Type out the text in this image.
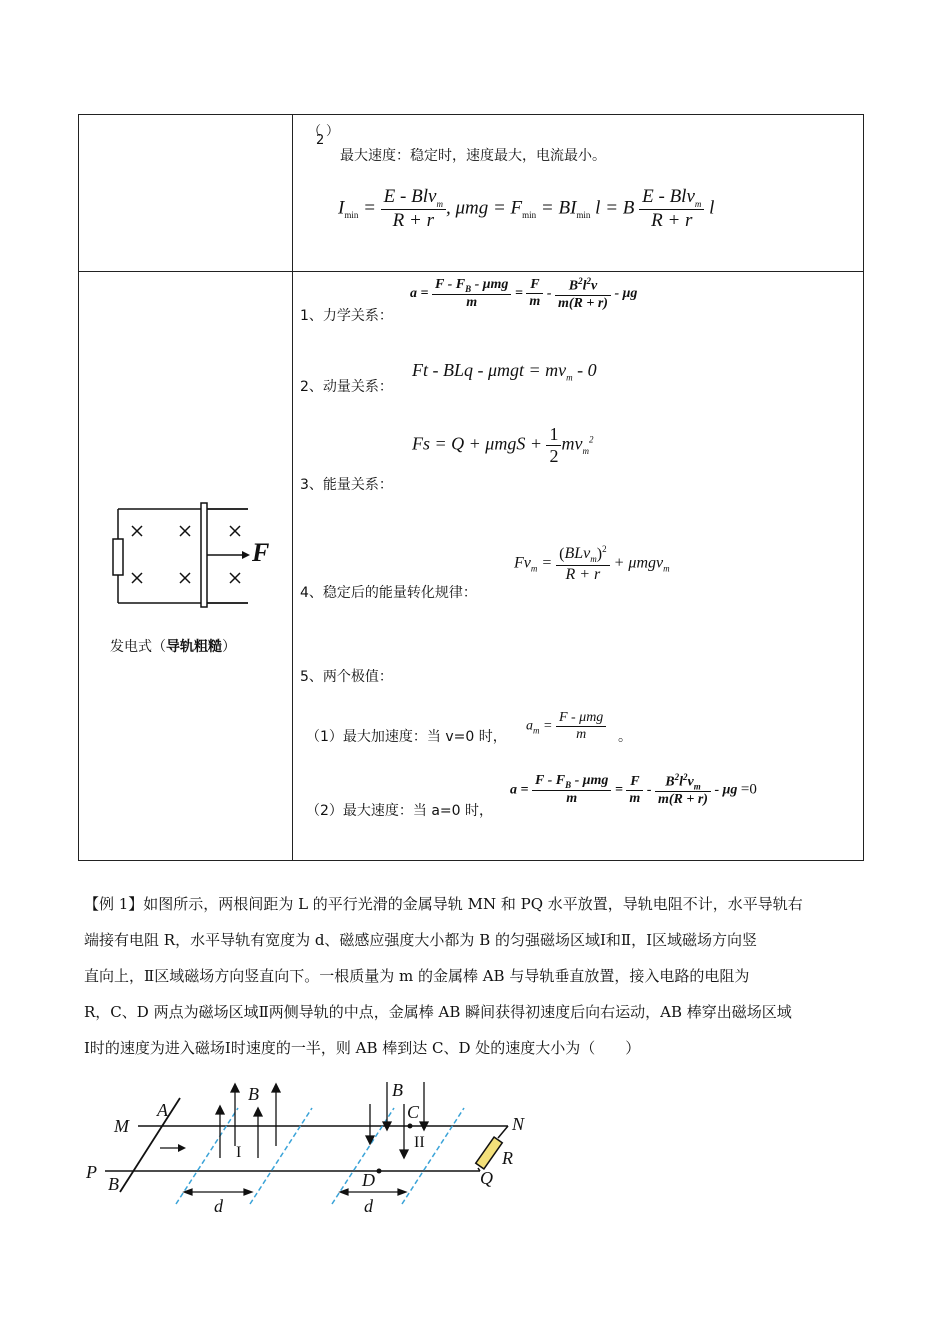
（
2
）
最大速度：稳定时，速度最大，电流最小。
$I_{min} = \frac{E - Blv_m}{R + r}$ , $\mu mg = F_{min} = BI_{min}$ l = B $\frac{E - Blv_m}{R + r}$ l
F
发电式（导轨粗糙）
1、力学关系：
$a = \frac{F - F_B - \mu mg}{m} = \frac{F}{m} - \frac{B^2l^2v}{m(R + r)} - \mu g$
2、动量关系：
Ft - BLq - $\mu mgt = mv_m - 0$
$Fs = Q + \mu mgS + \frac{1}{2} mv_m^2$
3、能量关系：
$Fv_m = \frac{(BLv_m)^2}{R + r} + \mu mgv_m$
4、稳定后的能量转化规律：
5、两个极值：
（1）最大加速度：当 v=0 时，
$a_m = \frac{\text{F - μmg}}{m}$ 。
（2）最大速度：当 a=0 时，
$a = \frac{F - F_B - \mu mg}{m} = \frac{F}{m} - \frac{B^2l^2v_m}{m(R + r)} - \mu g =0$
【例 1】如图所示，两根间距为 L 的平行光滑的金属导轨 MN 和 PQ 水平放置，导轨电阻不计，水平导轨右
端接有电阻 R，水平导轨有宽度为 d、磁感应强度大小都为 B 的匀强磁场区域Ⅰ和Ⅱ，Ⅰ区域磁场方向竖
直向上，Ⅱ区域磁场方向竖直向下。一根质量为 m 的金属棒 AB 与导轨垂直放置，接入电路的电阻为
R，C、D 两点为磁场区域Ⅱ两侧导轨的中点，金属棒 AB 瞬间获得初速度后向右运动，AB 棒穿出磁场区域
Ⅰ时的速度为进入磁场Ⅰ时速度的一半，则 AB 棒到达 C、D 处的速度大小为（　　）
M
A
P
B
B
I
B
C
II
N
R
Q
D
d	d
